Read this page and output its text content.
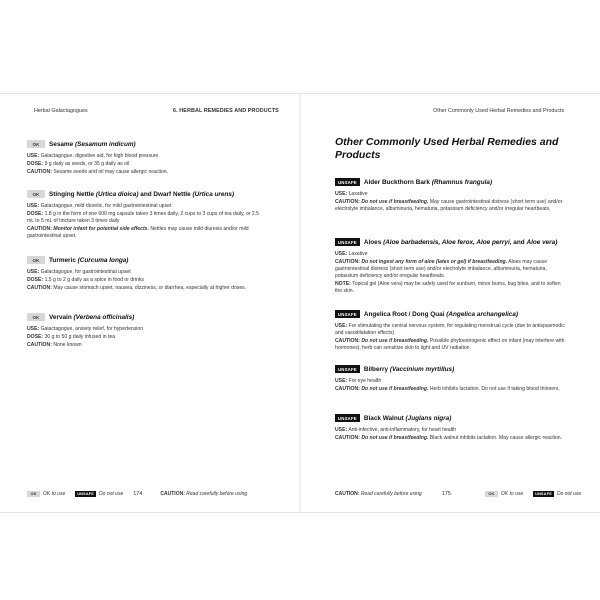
Herbal Galactagogues	6. HERBAL REMEDIES AND PRODUCTS
OK	Sesame (Sesamum indicum)
USE: Galactagogue, digestive aid, for high blood pressure
DOSE: 9 g daily as seeds, or 35 g daily as oil
CAUTION: Sesame seeds and oil may cause allergic reaction.
OK	Stinging Nettle (Urtica dioica) and Dwarf Nettle (Urtica urens)
USE: Galactagogue, mild diuretic, for mild gastrointestinal upset
DOSE: 1.8 g in the form of one 600 mg capsule taken 3 times daily, 2 cups to 3 cups of tea daily, or 2.5 mL to 5 mL of tincture taken 3 times daily
CAUTION: Monitor infant for potential side effects. Nettles may cause mild diuresis and/or mild gastrointestinal upset.
OK	Turmeric (Curcuma longa)
USE: Galactagogue, for gastrointestinal upset
DOSE: 1.5 g to 2 g daily as a spice in food or drinks
CAUTION: May cause stomach upset, nausea, dizziness, or diarrhea, especially at higher doses.
OK	Vervain (Verbena officinalis)
USE: Galactagogue, anxiety relief, for hypertension
DOSE: 30 g to 50 g daily infused in tea
CAUTION: None known
OK	OK to use	UNSAFE	Do not use 174	CAUTION: Read carefully before using
Other Commonly Used Herbal Remedies and Products
Other Commonly Used Herbal Remedies and Products
UNSAFE	Alder Buckthorn Bark (Rhamnus frangula)
USE: Laxative
CAUTION: Do not use if breastfeeding. May cause gastrointestinal distress (short term use) and/or electrolyte imbalance, albuminuria, hematuria, potassium deficiency and/or irregular heartbeats.
UNSAFE	Aloes (Aloe barbadensis, Aloe ferox, Aloe perryi, and Aloe vera)
USE: Laxative
CAUTION: Do not ingest any form of aloe (latex or gel) if breastfeeding. Aloes may cause gastrointestinal distress (short term use) and/or electrolyte imbalance, albuminuria, hematuria, potassium deficiency and/or irregular heartbeats.
NOTE: Topical gel (Aloe vera) may be safely used for sunburn, minor burns, bug bites, and to soften the skin.
UNSAFE	Angelica Root / Dong Quai (Angelica archangelica)
USE: For stimulating the central nervous system, for regulating menstrual cycle (due to antispasmodic and vasodilatation effects)
CAUTION: Do not use if breastfeeding. Possible phytoestrogenic effect on infant (may interfere with hormones); herb can sensitize skin to light and UV radiation.
UNSAFE	Bilberry (Vaccinium myrtillus)
USE: For eye health
CAUTION: Do not use if breastfeeding. Herb inhibits lactation. Do not use if taking blood thinners.
UNSAFE	Black Walnut (Juglans nigra)
USE: Anti-infective, anti-inflammatory, for heart health
CAUTION: Do not use if breastfeeding. Black walnut inhibits lactation. May cause allergic reaction.
CAUTION: Read carefully before using	175	OK	OK to use	UNSAFE	Do not use
